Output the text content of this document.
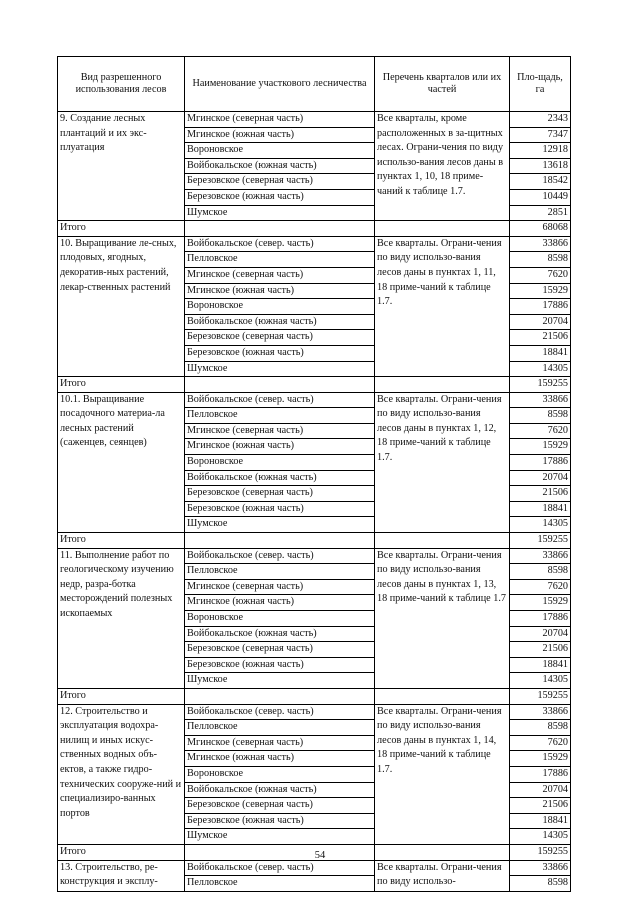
Вид разрешенного использования лесов	Наименование участкового лесничества	Перечень кварталов или их частей	Пло-щадь, га
9. Создание лесных плантаций и их экс-плуатация	Мгинское (северная часть)	Все кварталы, кроме расположенных в за-щитных лесах. Ограни-чения по виду использо-вания лесов даны в пунктах 1, 10, 18 приме-чаний к таблице 1.7.	2343
	Мгинское (южная часть)		7347
	Вороновское		12918
	Войбокальское (южная часть)		13618
	Березовское (северная часть)		18542
	Березовское (южная часть)		10449
	Шумское		2851
Итого			68068
10. Выращивание ле-сных, плодовых, ягодных, декоратив-ных растений, лекар-ственных растений	Войбокальское (север. часть)	Все кварталы. Ограни-чения по виду использо-вания лесов даны в пунктах 1, 11, 18 приме-чаний к таблице 1.7.	33866
	Пелловское		8598
	Мгинское (северная часть)		7620
	Мгинское (южная часть)		15929
	Вороновское		17886
	Войбокальское (южная часть)		20704
	Березовское (северная часть)		21506
	Березовское (южная часть)		18841
	Шумское		14305
Итого			159255
10.1. Выращивание посадочного материа-ла лесных растений (саженцев, сеянцев)	Войбокальское (север. часть)	Все кварталы. Ограни-чения по виду использо-вания лесов даны в пунктах 1, 12, 18 приме-чаний к таблице 1.7.	33866
	Пелловское		8598
	Мгинское (северная часть)		7620
	Мгинское (южная часть)		15929
	Вороновское		17886
	Войбокальское (южная часть)		20704
	Березовское (северная часть)		21506
	Березовское (южная часть)		18841
	Шумское		14305
Итого			159255
11. Выполнение работ по геологическому изучению недр, разра-ботка месторождений полезных ископаемых	Войбокальское (север. часть)	Все кварталы. Ограни-чения по виду использо-вания лесов даны в пунктах 1, 13, 18 приме-чаний к таблице 1.7	33866
	Пелловское		8598
	Мгинское (северная часть)		7620
	Мгинское (южная часть)		15929
	Вороновское		17886
	Войбокальское (южная часть)		20704
	Березовское (северная часть)		21506
	Березовское (южная часть)		18841
	Шумское		14305
Итого			159255
12. Строительство и эксплуатация водохра-нилищ и иных искус-ственных водных объ-ектов, а также гидро-технических сооруже-ний и специализиро-ванных портов	Войбокальское (север. часть)	Все кварталы. Ограни-чения по виду использо-вания лесов даны в пунктах 1, 14, 18 приме-чаний к таблице 1.7.	33866
	Пелловское		8598
	Мгинское (северная часть)		7620
	Мгинское (южная часть)		15929
	Вороновское		17886
	Войбокальское (южная часть)		20704
	Березовское (северная часть)		21506
	Березовское (южная часть)		18841
	Шумское		14305
Итого			159255
13. Строительство, ре-конструкция и эксплу-	Войбокальское (север. часть)	Все кварталы. Ограни-чения по виду использо-	33866
	Пелловское		8598
54
